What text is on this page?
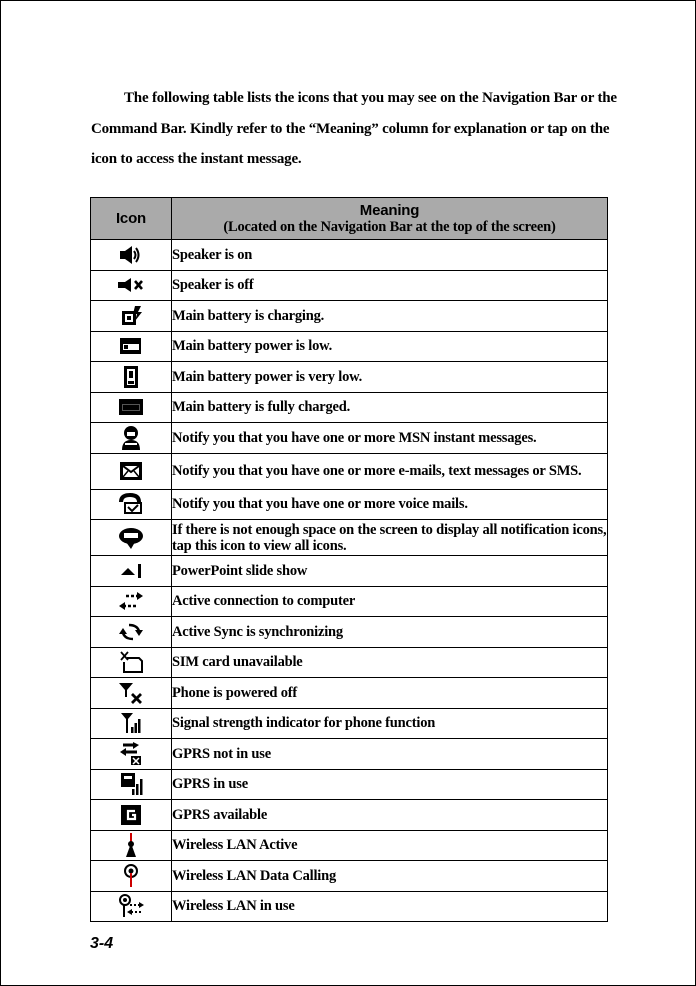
The following table lists the icons that you may see on the Navigation Bar or the Command Bar. Kindly refer to the “Meaning” column for explanation or tap on the icon to access the instant message.

Icon	Meaning
(Located on the Navigation Bar at the top of the screen)

	Speaker is on
	Speaker is off
	Main battery is charging.
	Main battery power is low.
	Main battery power is very low.
	Main battery is fully charged.
	Notify you that you have one or more MSN instant messages.
	Notify you that you have one or more e-mails, text messages or SMS.
	Notify you that you have one or more voice mails.
	If there is not enough space on the screen to display all notification icons, tap this icon to view all icons.
	PowerPoint slide show
	Active connection to computer
	Active Sync is synchronizing
	SIM card unavailable
	Phone is powered off
	Signal strength indicator for phone function
	GPRS not in use
	GPRS in use
	GPRS available
	Wireless LAN Active
	Wireless LAN Data Calling
	Wireless LAN in use
3-4
